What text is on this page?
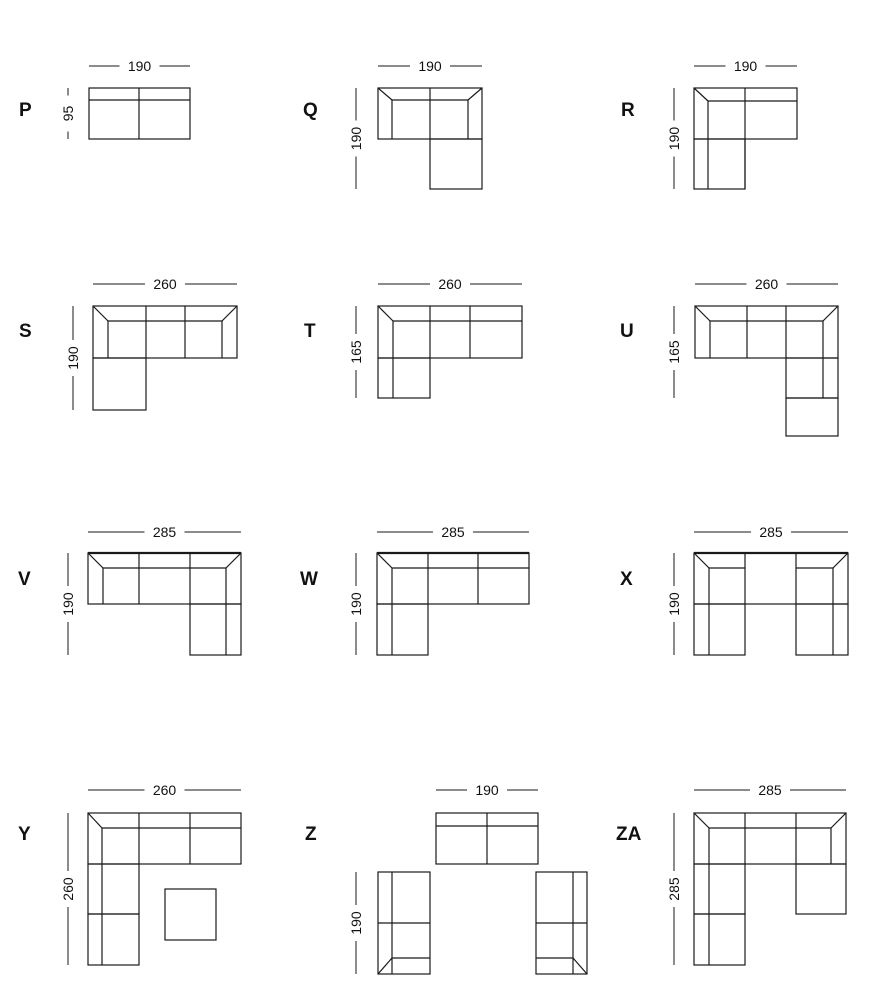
P	Q	R
S	T	U
V	W	X
Y	Z	ZA
190
95
190
190
190
190
260
190
260
165
260
165
285
190
285
190
285
190
260
260
190
190
285
285
